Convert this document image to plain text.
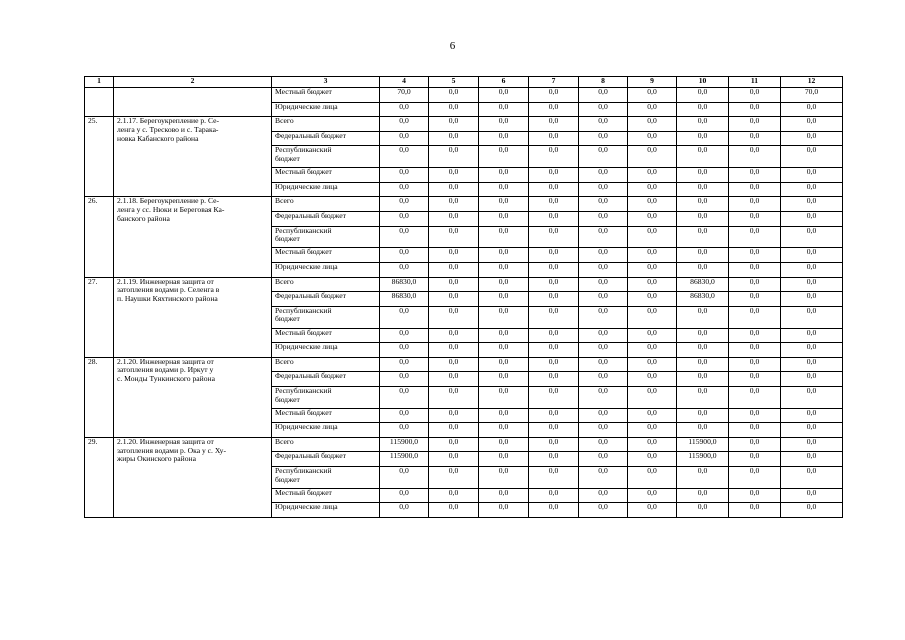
6
1	2	3	4	5	6	7	8	9	10	11	12
		Местный бюджет	70,0	0,0	0,0	0,0	0,0	0,0	0,0	0,0	70,0
		Юридические лица	0,0	0,0	0,0	0,0	0,0	0,0	0,0	0,0	0,0
25.	2.1.17. Берегоукрепление р. Се-
ленга у с. Тресково и с. Тарака-
новка Кабанского района	Всего	0,0	0,0	0,0	0,0	0,0	0,0	0,0	0,0	0,0
		Федеральный бюджет	0,0	0,0	0,0	0,0	0,0	0,0	0,0	0,0	0,0
		Республиканский
бюджет	0,0	0,0	0,0	0,0	0,0	0,0	0,0	0,0	0,0
		Местный бюджет	0,0	0,0	0,0	0,0	0,0	0,0	0,0	0,0	0,0
		Юридические лица	0,0	0,0	0,0	0,0	0,0	0,0	0,0	0,0	0,0
26.	2.1.18. Берегоукрепление р. Се-
ленга у сс. Нюки и Береговая Ка-
банского района	Всего	0,0	0,0	0,0	0,0	0,0	0,0	0,0	0,0	0,0
		Федеральный бюджет	0,0	0,0	0,0	0,0	0,0	0,0	0,0	0,0	0,0
		Республиканский
бюджет	0,0	0,0	0,0	0,0	0,0	0,0	0,0	0,0	0,0
		Местный бюджет	0,0	0,0	0,0	0,0	0,0	0,0	0,0	0,0	0,0
		Юридические лица	0,0	0,0	0,0	0,0	0,0	0,0	0,0	0,0	0,0
27.	2.1.19. Инженерная защита от
затопления водами р. Селенга в
п. Наушки Кяхтинского района	Всего	86830,0	0,0	0,0	0,0	0,0	0,0	86830,0	0,0	0,0
		Федеральный бюджет	86830,0	0,0	0,0	0,0	0,0	0,0	86830,0	0,0	0,0
		Республиканский
бюджет	0,0	0,0	0,0	0,0	0,0	0,0	0,0	0,0	0,0
		Местный бюджет	0,0	0,0	0,0	0,0	0,0	0,0	0,0	0,0	0,0
		Юридические лица	0,0	0,0	0,0	0,0	0,0	0,0	0,0	0,0	0,0
28.	2.1.20. Инженерная защита от
затопления водами р. Иркут у
с. Монды Тункинского района	Всего	0,0	0,0	0,0	0,0	0,0	0,0	0,0	0,0	0,0
		Федеральный бюджет	0,0	0,0	0,0	0,0	0,0	0,0	0,0	0,0	0,0
		Республиканский
бюджет	0,0	0,0	0,0	0,0	0,0	0,0	0,0	0,0	0,0
		Местный бюджет	0,0	0,0	0,0	0,0	0,0	0,0	0,0	0,0	0,0
		Юридические лица	0,0	0,0	0,0	0,0	0,0	0,0	0,0	0,0	0,0
29.	2.1.20. Инженерная защита от
затопления водами р. Ока у с. Ху-
жиры Окинского района	Всего	115900,0	0,0	0,0	0,0	0,0	0,0	115900,0	0,0	0,0
		Федеральный бюджет	115900,0	0,0	0,0	0,0	0,0	0,0	115900,0	0,0	0,0
		Республиканский
бюджет	0,0	0,0	0,0	0,0	0,0	0,0	0,0	0,0	0,0
		Местный бюджет	0,0	0,0	0,0	0,0	0,0	0,0	0,0	0,0	0,0
		Юридические лица	0,0	0,0	0,0	0,0	0,0	0,0	0,0	0,0	0,0
